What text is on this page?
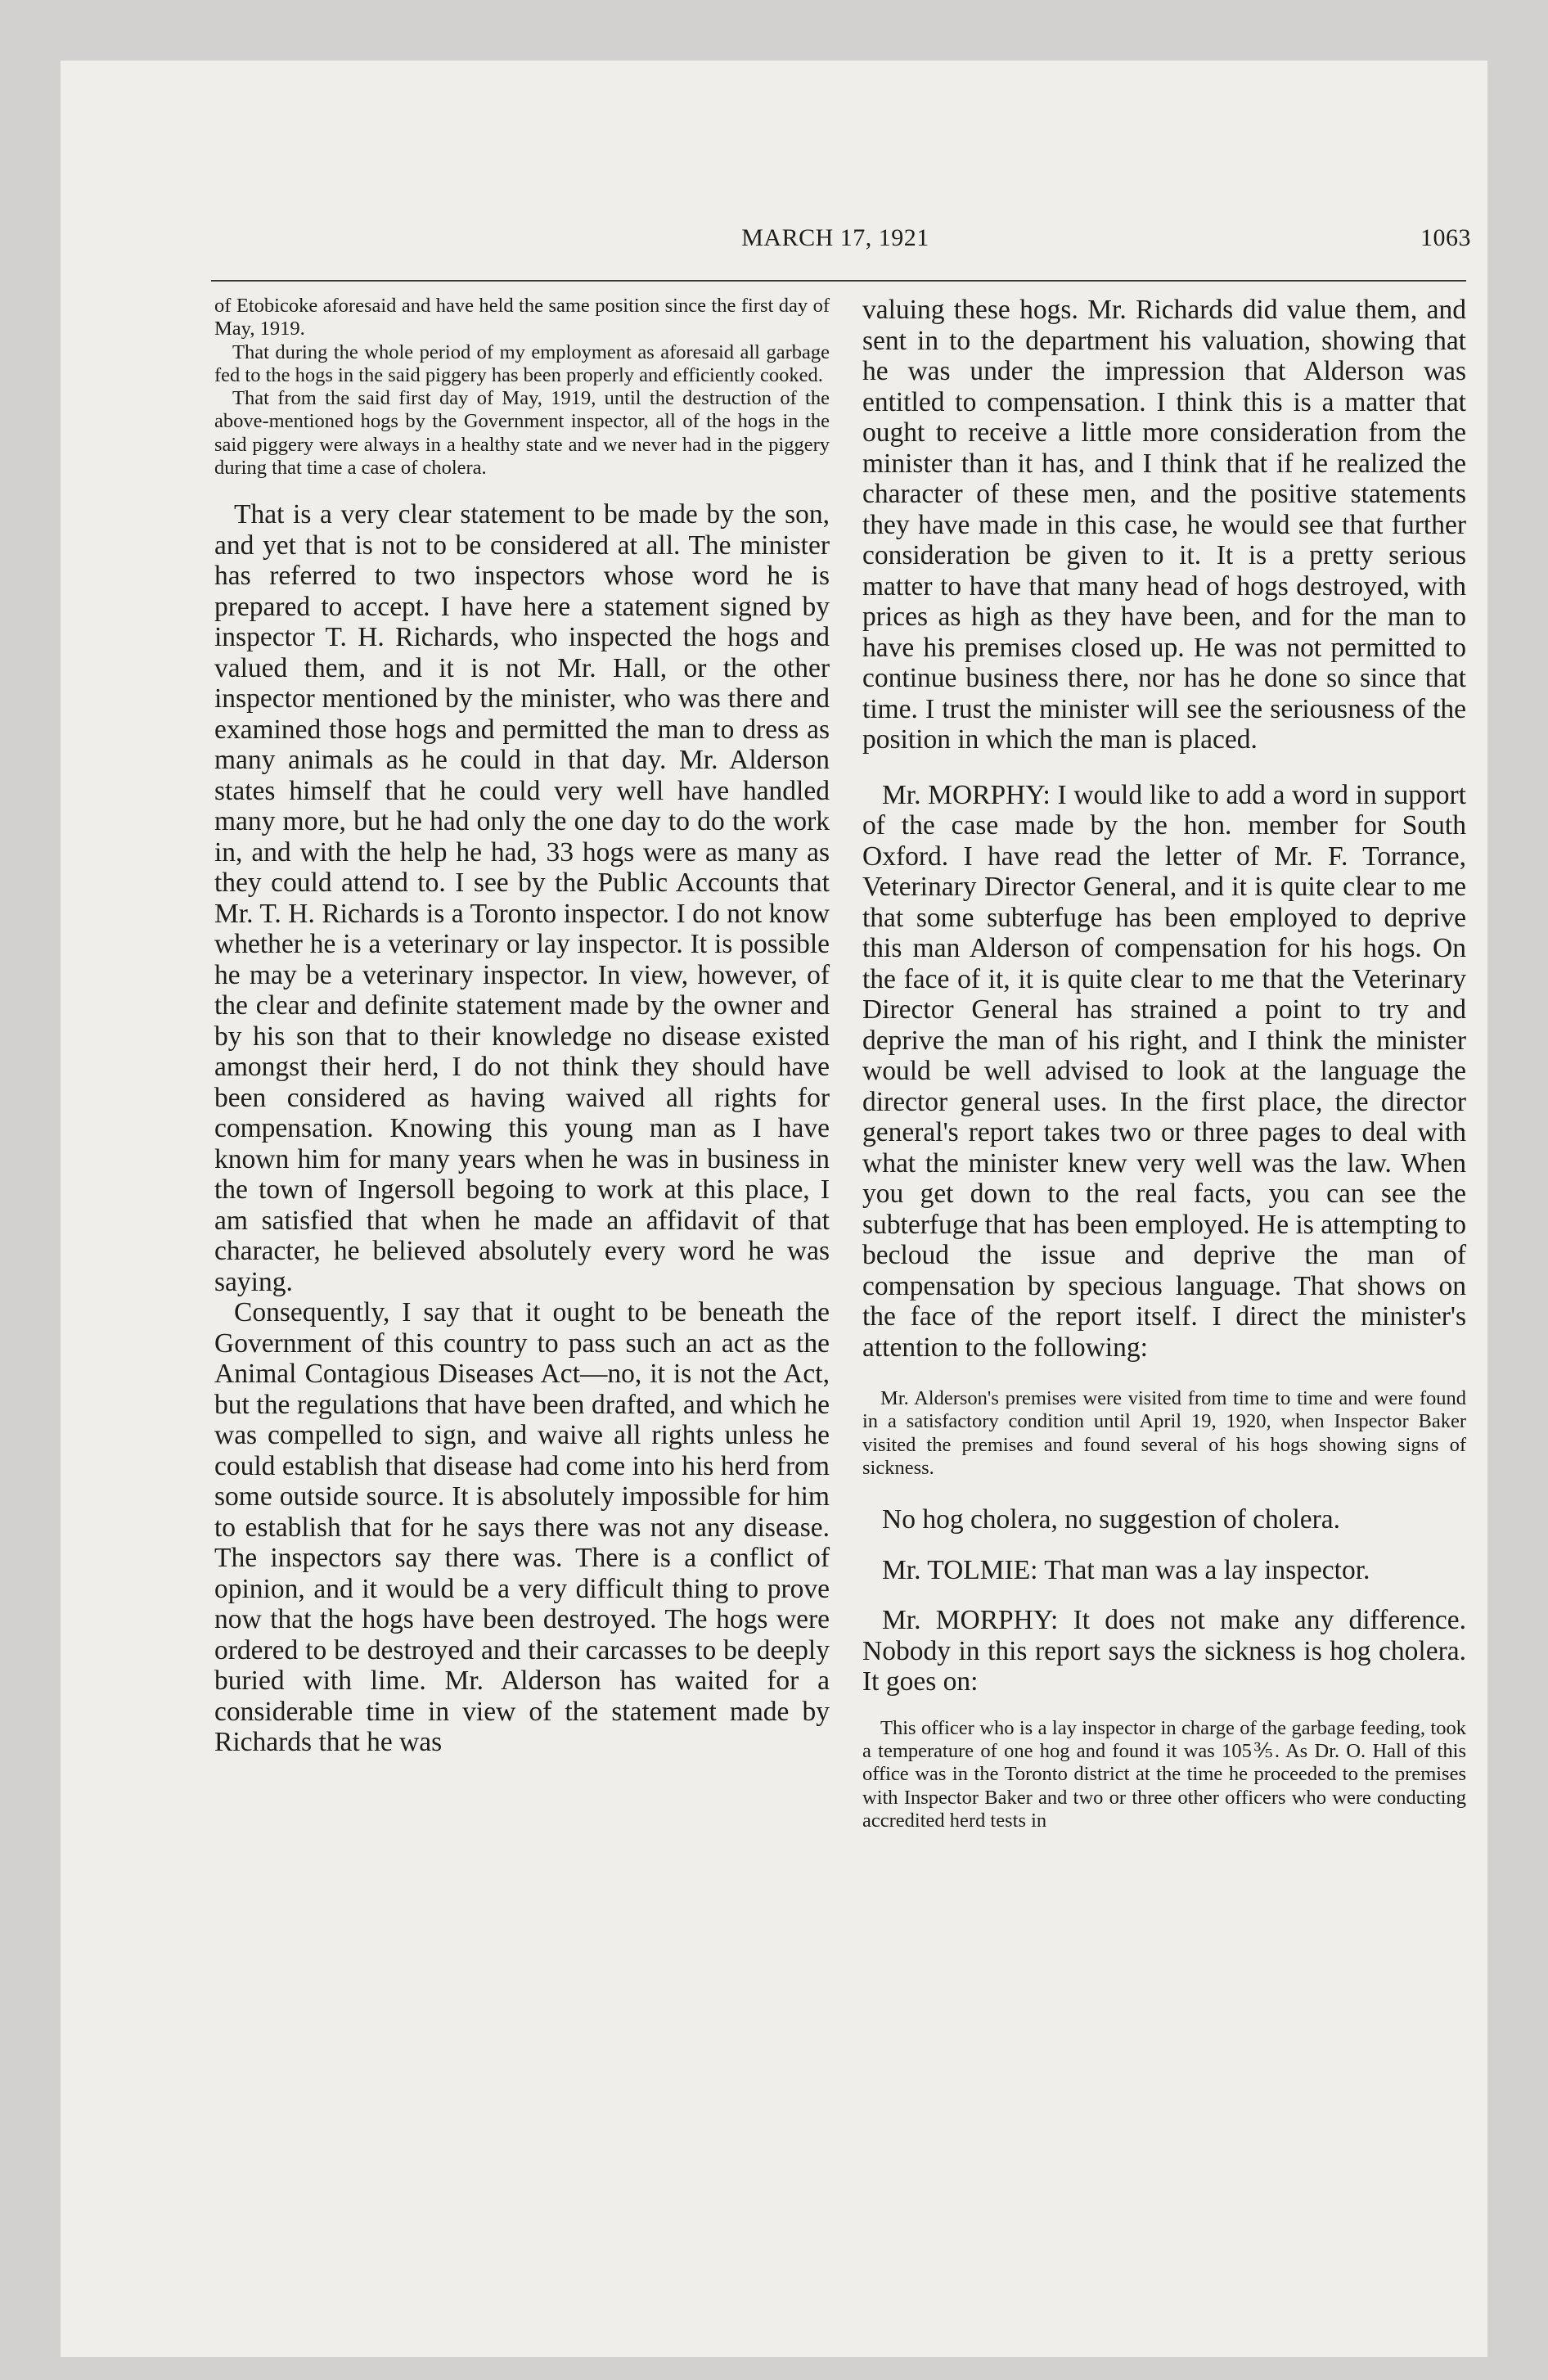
MARCH 17, 1921	1063

of Etobicoke aforesaid and have held the same position since the first day of May, 1919.

That during the whole period of my employment as aforesaid all garbage fed to the hogs in the said piggery has been properly and efficiently cooked.

That from the said first day of May, 1919, until the destruction of the above-mentioned hogs by the Government inspector, all of the hogs in the said piggery were always in a healthy state and we never had in the piggery during that time a case of cholera.

That is a very clear statement to be made by the son, and yet that is not to be considered at all. The minister has referred to two inspectors whose word he is prepared to accept. I have here a statement signed by inspector T. H. Richards, who inspected the hogs and valued them, and it is not Mr. Hall, or the other inspector mentioned by the minister, who was there and examined those hogs and permitted the man to dress as many animals as he could in that day. Mr. Alderson states himself that he could very well have handled many more, but he had only the one day to do the work in, and with the help he had, 33 hogs were as many as they could attend to. I see by the Public Accounts that Mr. T. H. Richards is a Toronto inspector. I do not know whether he is a veterinary or lay inspector. It is possible he may be a veterinary inspector. In view, however, of the clear and definite statement made by the owner and by his son that to their knowledge no disease existed amongst their herd, I do not think they should have been considered as having waived all rights for compensation. Knowing this young man as I have known him for many years when he was in business in the town of Ingersoll begoing to work at this place, I am satisfied that when he made an affidavit of that character, he believed absolutely every word he was saying.

Consequently, I say that it ought to be beneath the Government of this country to pass such an act as the Animal Contagious Diseases Act—no, it is not the Act, but the regulations that have been drafted, and which he was compelled to sign, and waive all rights unless he could establish that disease had come into his herd from some outside source. It is absolutely impossible for him to establish that for he says there was not any disease. The inspectors say there was. There is a conflict of opinion, and it would be a very difficult thing to prove now that the hogs have been destroyed. The hogs were ordered to be destroyed and their carcasses to be deeply buried with lime. Mr. Alderson has waited for a considerable time in view of the statement made by Richards that he was

valuing these hogs. Mr. Richards did value them, and sent in to the department his valuation, showing that he was under the impression that Alderson was entitled to compensation. I think this is a matter that ought to receive a little more consideration from the minister than it has, and I think that if he realized the character of these men, and the positive statements they have made in this case, he would see that further consideration be given to it. It is a pretty serious matter to have that many head of hogs destroyed, with prices as high as they have been, and for the man to have his premises closed up. He was not permitted to continue business there, nor has he done so since that time. I trust the minister will see the seriousness of the position in which the man is placed.

Mr. MORPHY: I would like to add a word in support of the case made by the hon. member for South Oxford. I have read the letter of Mr. F. Torrance, Veterinary Director General, and it is quite clear to me that some subterfuge has been employed to deprive this man Alderson of compensation for his hogs. On the face of it, it is quite clear to me that the Veterinary Director General has strained a point to try and deprive the man of his right, and I think the minister would be well advised to look at the language the director general uses. In the first place, the director general's report takes two or three pages to deal with what the minister knew very well was the law. When you get down to the real facts, you can see the subterfuge that has been employed. He is attempting to becloud the issue and deprive the man of compensation by specious language. That shows on the face of the report itself. I direct the minister's attention to the following:

Mr. Alderson's premises were visited from time to time and were found in a satisfactory condition until April 19, 1920, when Inspector Baker visited the premises and found several of his hogs showing signs of sickness.

No hog cholera, no suggestion of cholera.

Mr. TOLMIE: That man was a lay inspector.

Mr. MORPHY: It does not make any difference. Nobody in this report says the sickness is hog cholera. It goes on:

This officer who is a lay inspector in charge of the garbage feeding, took a temperature of one hog and found it was 105⅗. As Dr. O. Hall of this office was in the Toronto district at the time he proceeded to the premises with Inspector Baker and two or three other officers who were conducting accredited herd tests in
